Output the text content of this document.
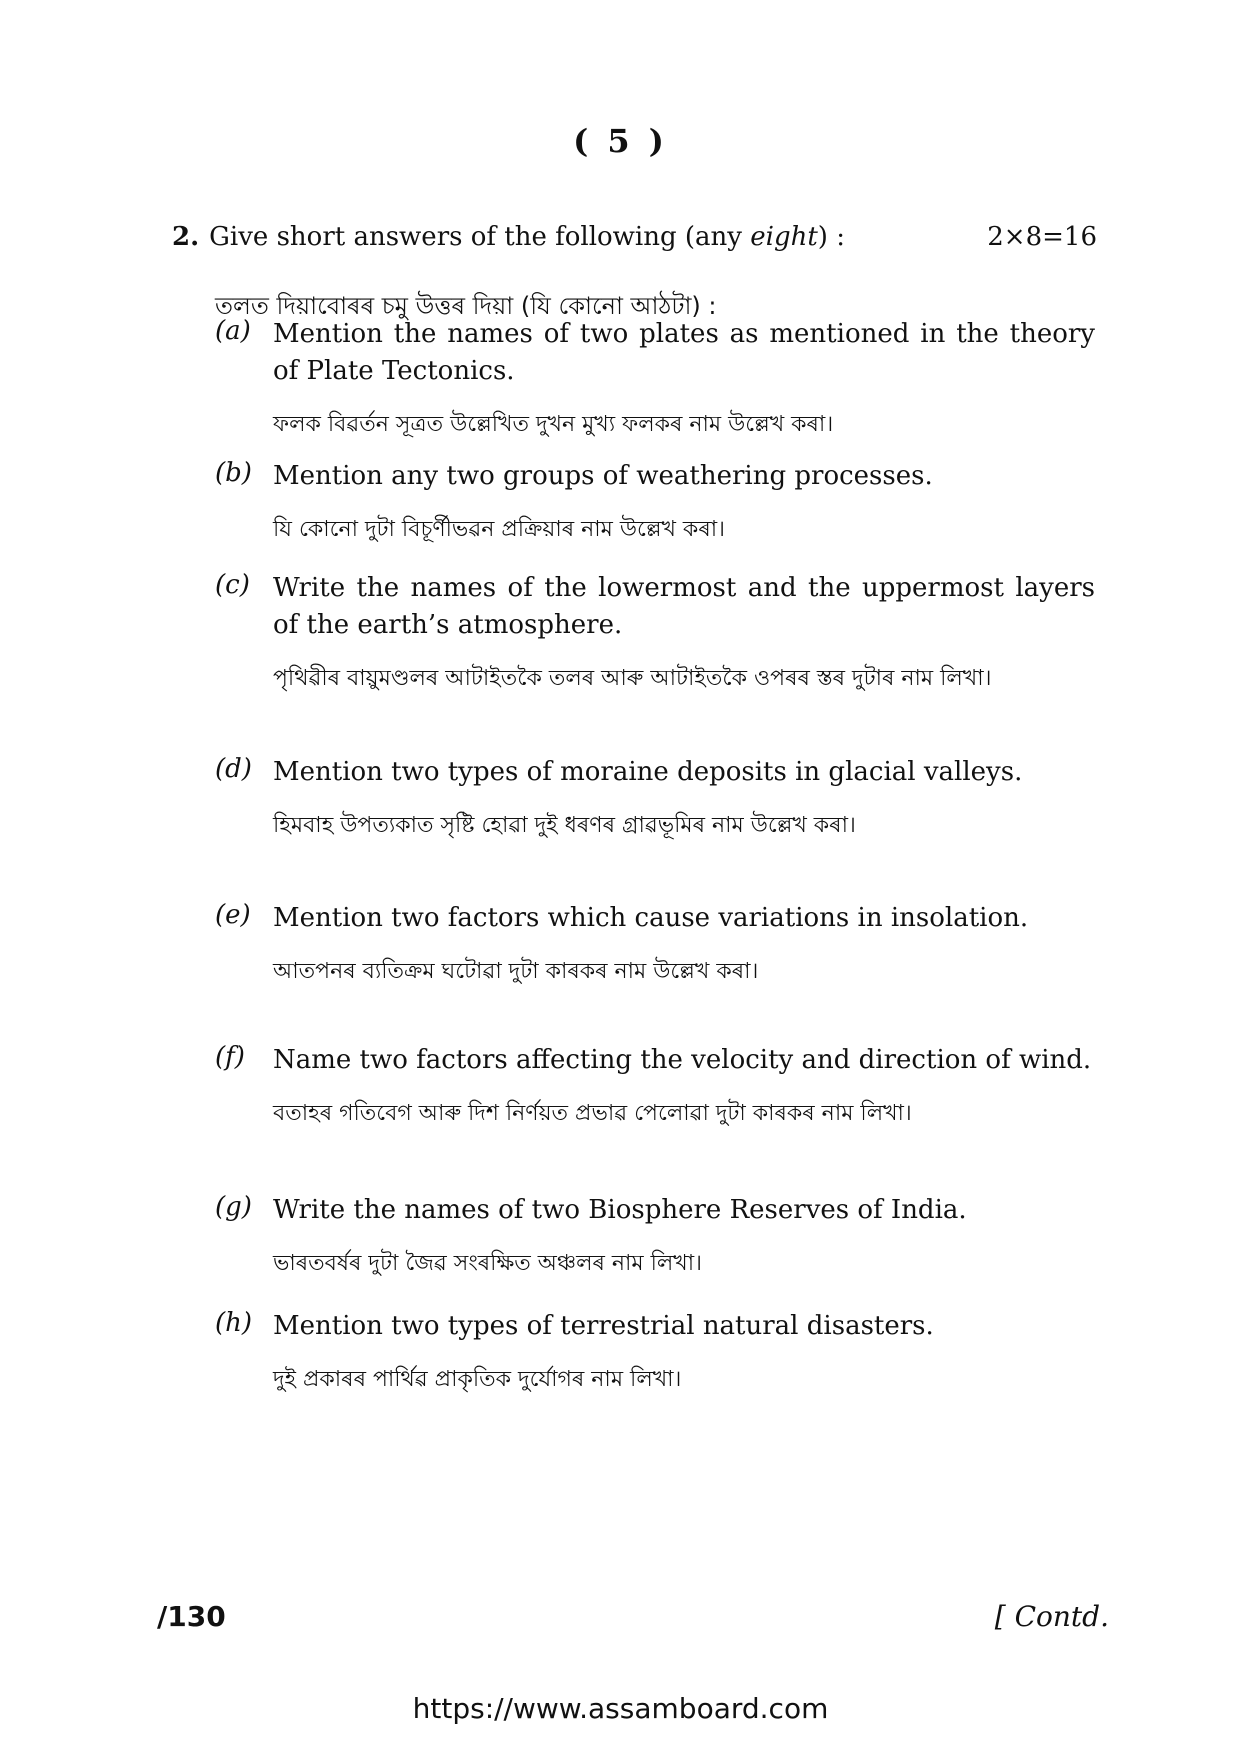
( 5 )
2. Give short answers of the following (any eight) :	2×8=16
তলত দিয়াবোৰৰ চমু উত্তৰ দিয়া (যি কোনো আঠটা) :
(a) Mention the names of two plates as mentioned in the theory of Plate Tectonics.
ফলক বিৱৰ্তন সূত্ৰত উল্লেখিত দুখন মুখ্য ফলকৰ নাম উল্লেখ কৰা।
(b) Mention any two groups of weathering processes.
যি কোনো দুটা বিচূৰ্ণীভৱন প্ৰক্ৰিয়াৰ নাম উল্লেখ কৰা।
(c) Write the names of the lowermost and the uppermost layers of the earth’s atmosphere.
পৃথিৱীৰ বায়ুমণ্ডলৰ আটাইতকৈ তলৰ আৰু আটাইতকৈ ওপৰৰ স্তৰ দুটাৰ নাম লিখা।
(d) Mention two types of moraine deposits in glacial valleys.
হিমবাহ উপত্যকাত সৃষ্টি হোৱা দুই ধৰণৰ গ্ৰাৱভূমিৰ নাম উল্লেখ কৰা।
(e) Mention two factors which cause variations in insolation.
আতপনৰ ব্যতিক্ৰম ঘটোৱা দুটা কাৰকৰ নাম উল্লেখ কৰা।
(f) Name two factors affecting the velocity and direction of wind.
বতাহৰ গতিবেগ আৰু দিশ নিৰ্ণয়ত প্ৰভাৱ পেলোৱা দুটা কাৰকৰ নাম লিখা।
(g) Write the names of two Biosphere Reserves of India.
ভাৰতবৰ্ষৰ দুটা জৈৱ সংৰক্ষিত অঞ্চলৰ নাম লিখা।
(h) Mention two types of terrestrial natural disasters.
দুই প্ৰকাৰৰ পাৰ্থিৱ প্ৰাকৃতিক দুৰ্যোগৰ নাম লিখা।
/130	[ Contd.
https://www.assamboard.com
